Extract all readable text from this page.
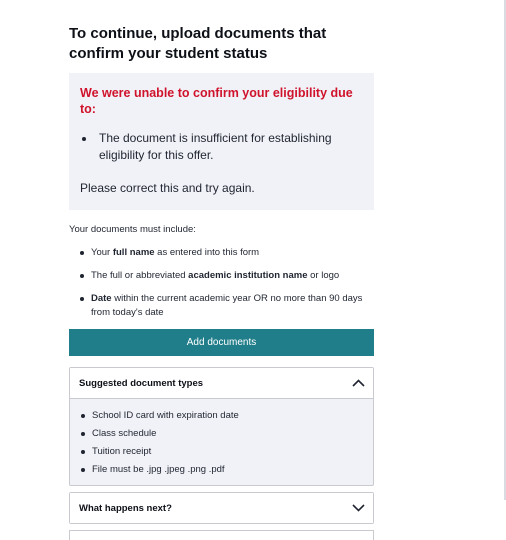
To continue, upload documents that confirm your student status
We were unable to confirm your eligibility due to:
The document is insufficient for establishing eligibility for this offer.
Please correct this and try again.
Your documents must include:
Your full name as entered into this form
The full or abbreviated academic institution name or logo
Date within the current academic year OR no more than 90 days from today's date
Add documents
Suggested document types
School ID card with expiration date
Class schedule
Tuition receipt
File must be .jpg .jpeg .png .pdf
What happens next?
